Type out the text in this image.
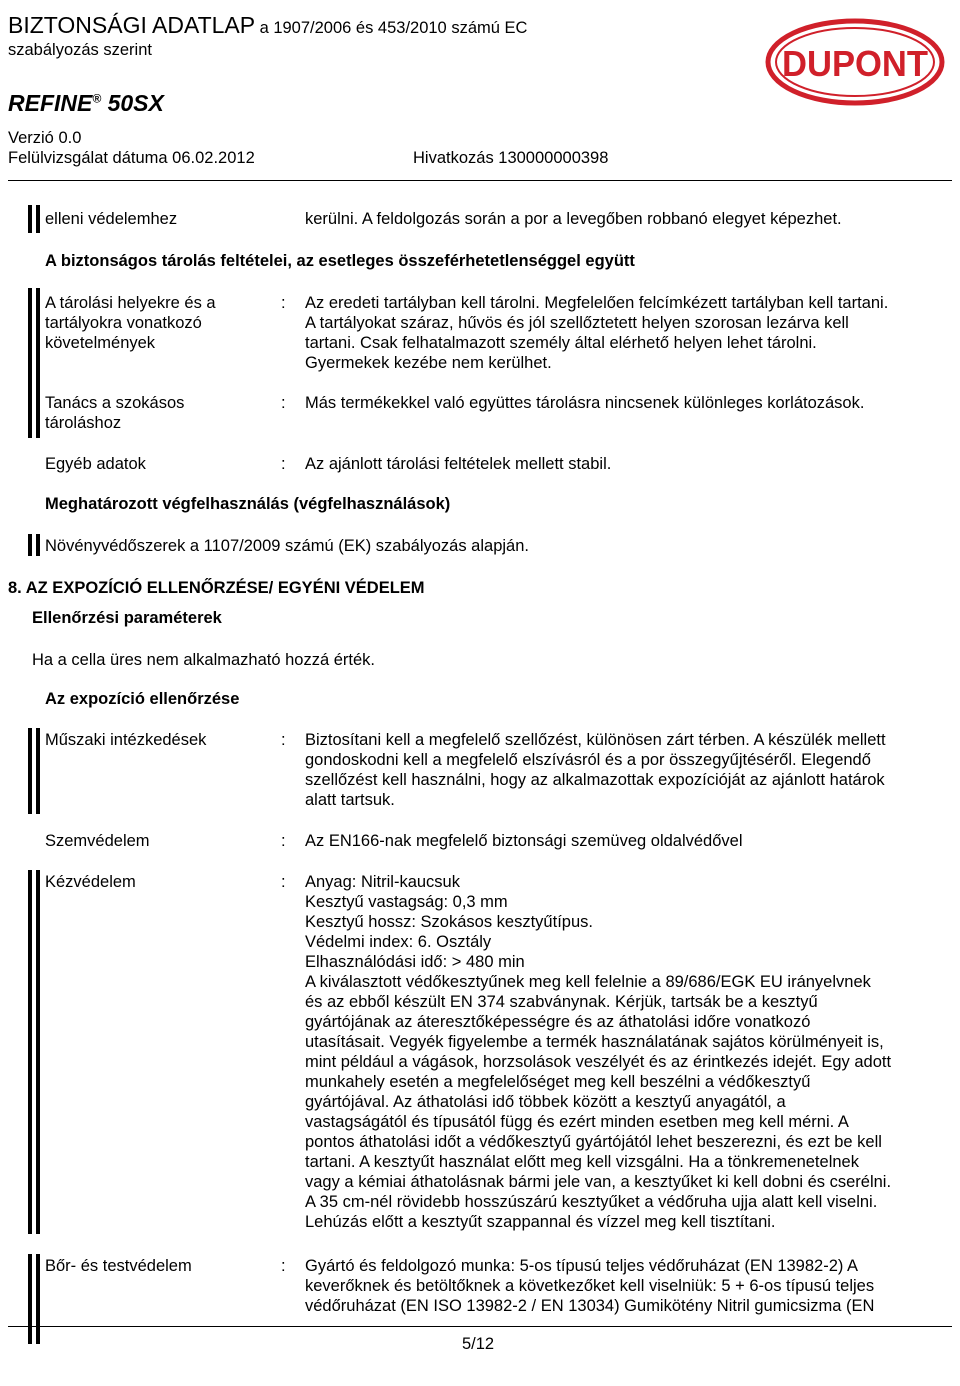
BIZTONSÁGI ADATLAP a 1907/2006 és 453/2010 számú EC
szabályozás szerint
REFINE® 50SX
Verzió 0.0
Felülvizsgálat dátuma 06.02.2012	Hivatkozás 130000000398
DUPONT
elleni védelemhez	kerülni. A feldolgozás során a por a levegőben robbanó elegyet képezhet.
A biztonságos tárolás feltételei, az esetleges összeférhetetlenséggel együtt
A tárolási helyekre és a
tartályokra vonatkozó
követelmények
: Az eredeti tartályban kell tárolni. Megfelelően felcímkézett tartályban kell tartani.
A tartályokat száraz, hűvös és jól szellőztetett helyen szorosan lezárva kell
tartani. Csak felhatalmazott személy által elérhető helyen lehet tárolni.
Gyermekek kezébe nem kerülhet.
Tanács a szokásos
tároláshoz
: Más termékekkel való együttes tárolásra nincsenek különleges korlátozások.
Egyéb adatok	: Az ajánlott tárolási feltételek mellett stabil.
Meghatározott végfelhasználás (végfelhasználások)
Növényvédőszerek a 1107/2009 számú (EK) szabályozás alapján.
8. AZ EXPOZÍCIÓ ELLENŐRZÉSE/ EGYÉNI VÉDELEM
Ellenőrzési paraméterek
Ha a cella üres nem alkalmazható hozzá érték.
Az expozíció ellenőrzése
Műszaki intézkedések	: Biztosítani kell a megfelelő szellőzést, különösen zárt térben. A készülék mellett
gondoskodni kell a megfelelő elszívásról és a por összegyűjtéséről. Elegendő
szellőzést kell használni, hogy az alkalmazottak expozícióját az ajánlott határok
alatt tartsuk.
Szemvédelem	: Az EN166-nak megfelelő biztonsági szemüveg oldalvédővel
Kézvédelem	: Anyag: Nitril-kaucsuk
Kesztyű vastagság: 0,3 mm
Kesztyű hossz: Szokásos kesztyűtípus.
Védelmi index: 6. Osztály
Elhasználódási idő: > 480 min
A kiválasztott védőkesztyűnek meg kell felelnie a 89/686/EGK EU irányelvnek
és az ebből készült EN 374 szabványnak. Kérjük, tartsák be a kesztyű
gyártójának az áteresztőképességre és az áthatolási időre vonatkozó
utasításait. Vegyék figyelembe a termék használatának sajátos körülményeit is,
mint például a vágások, horzsolások veszélyét és az érintkezés idejét. Egy adott
munkahely esetén a megfelelőséget meg kell beszélni a védőkesztyű
gyártójával. Az áthatolási idő többek között a kesztyű anyagától, a
vastagságától és típusától függ és ezért minden esetben meg kell mérni. A
pontos áthatolási időt a védőkesztyű gyártójától lehet beszerezni, és ezt be kell
tartani. A kesztyűt használat előtt meg kell vizsgálni. Ha a tönkremenetelnek
vagy a kémiai áthatolásnak bármi jele van, a kesztyűket ki kell dobni és cserélni.
A 35 cm-nél rövidebb hosszúszárú kesztyűket a védőruha ujja alatt kell viselni.
Lehúzás előtt a kesztyűt szappannal és vízzel meg kell tisztítani.
Bőr- és testvédelem	: Gyártó és feldolgozó munka: 5-os típusú teljes védőruházat (EN 13982-2) A
keverőknek és betöltőknek a következőket kell viselniük: 5 + 6-os típusú teljes
védőruházat (EN ISO 13982-2 / EN 13034) Gumikötény Nitril gumicsizma (EN
5/12
